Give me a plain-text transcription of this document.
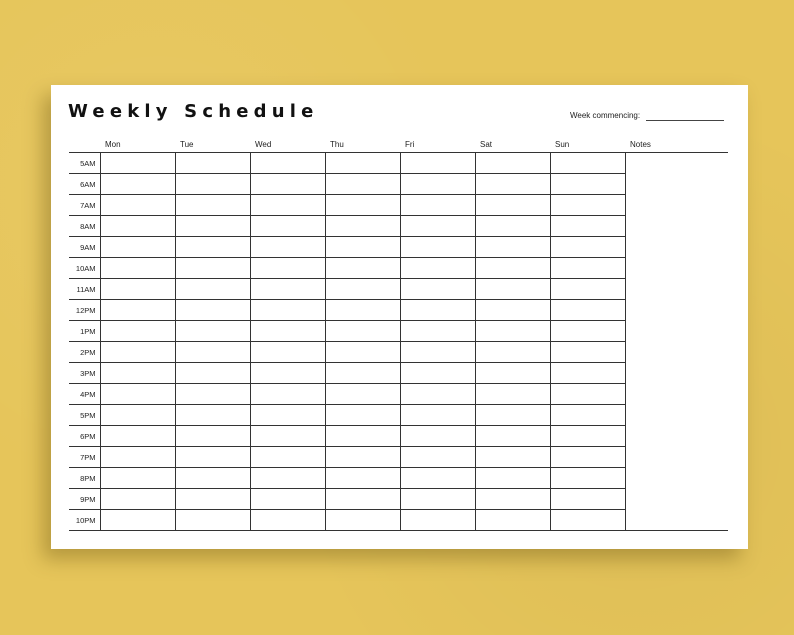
Weekly Schedule	Week commencing:
	Mon	Tue	Wed	Thu	Fri	Sat	Sun	Notes
5AM								
6AM								
7AM								
8AM								
9AM								
10AM								
11AM								
12PM								
1PM								
2PM								
3PM								
4PM								
5PM								
6PM								
7PM								
8PM								
9PM								
10PM								
